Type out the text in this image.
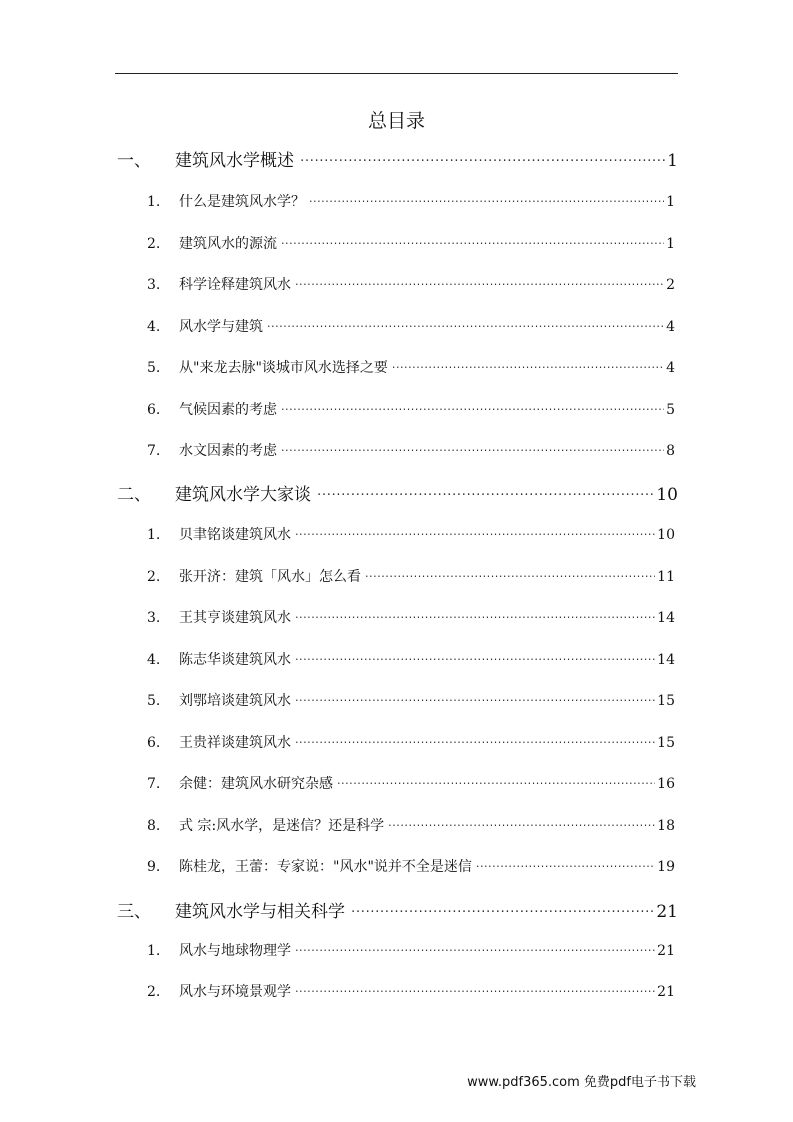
总目录
一、	建筑风水学概述 .....	1
1.	什么是建筑风水学？ .....	1
2.	建筑风水的源流 .....	1
3.	科学诠释建筑风水 .....	2
4.	风水学与建筑 .....	4
5.	从"来龙去脉"谈城市风水选择之要 .....	4
6.	气候因素的考虑 .....	5
7.	水文因素的考虑 .....	8
二、	建筑风水学大家谈 .....	10
1.	贝聿铭谈建筑风水 .....	10
2.	张开济：建筑「风水」怎么看 .....	11
3.	王其亨谈建筑风水 .....	14
4.	陈志华谈建筑风水 .....	14
5.	刘鄂培谈建筑风水 .....	15
6.	王贵祥谈建筑风水 .....	15
7.	余健：建筑风水研究杂感 .....	16
8.	式 宗:风水学，是迷信？还是科学 .....	18
9.	陈桂龙，王蕾：专家说："风水"说并不全是迷信 .....	19
三、	建筑风水学与相关科学 .....	21
1.	风水与地球物理学 .....	21
2.	风水与环境景观学 .....	21
www.pdf365.com 免费pdf电子书下载
